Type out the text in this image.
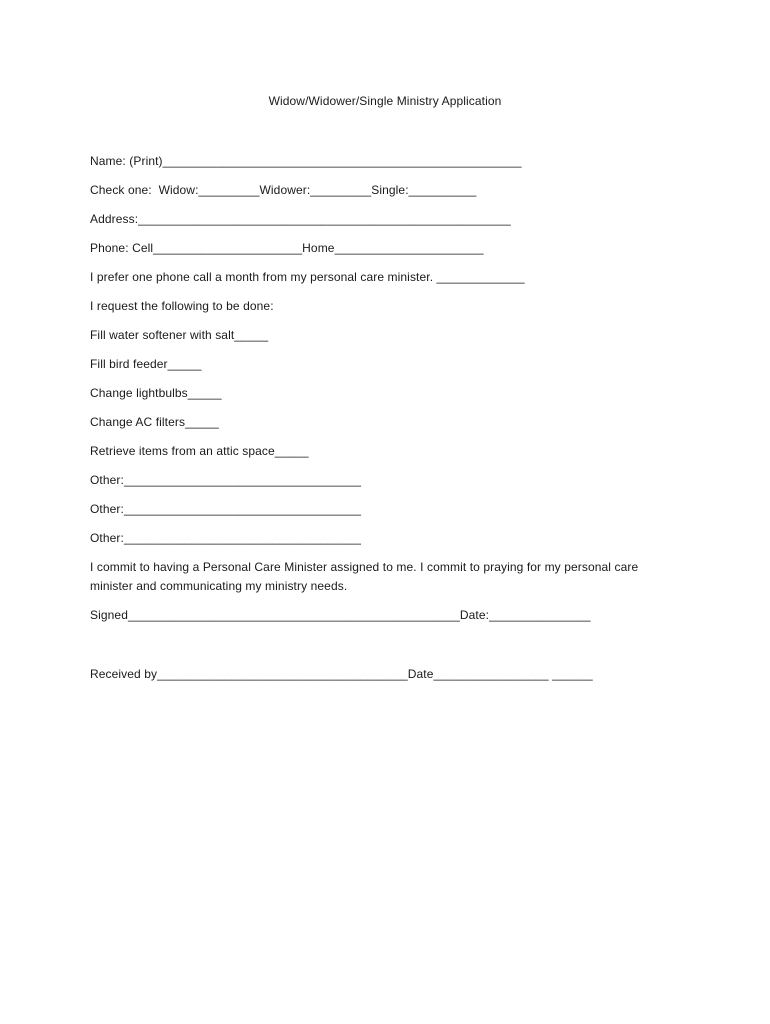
Widow/Widower/Single Ministry Application
Name: (Print)_____________________________________________________
Check one:  Widow:_________Widower:_________Single:__________
Address:_______________________________________________________
Phone: Cell______________________Home______________________
I prefer one phone call a month from my personal care minister. _____________
I request the following to be done:
Fill water softener with salt_____
Fill bird feeder_____
Change lightbulbs_____
Change AC filters_____
Retrieve items from an attic space_____
Other:___________________________________
Other:___________________________________
Other:___________________________________
I commit to having a Personal Care Minister assigned to me. I commit to praying for my personal care minister and communicating my ministry needs.
Signed_________________________________________________Date:_______________
Received by_____________________________________Date_________________ ______
